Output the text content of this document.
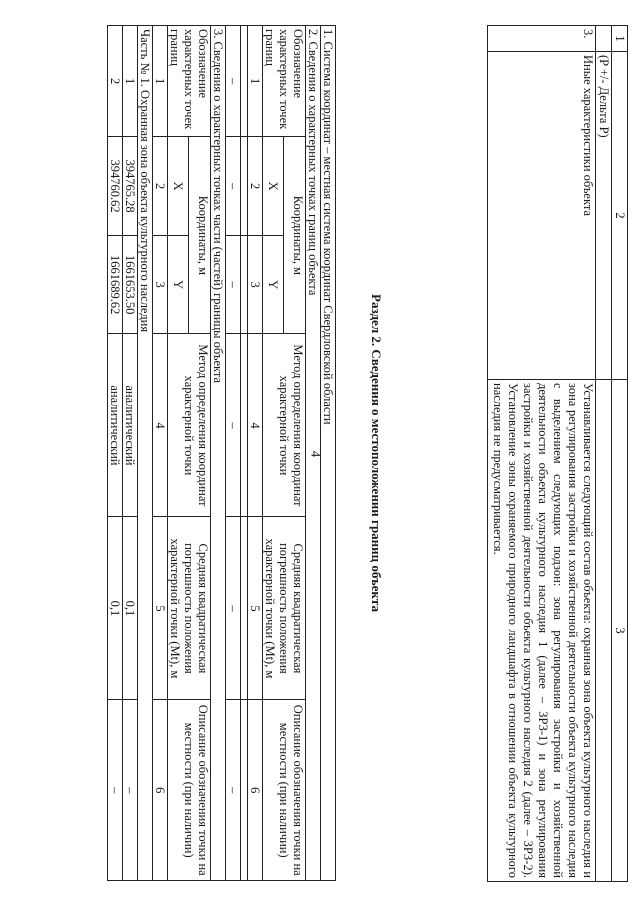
4
1	2	3
	(P +/- Дельта P)	
3.	Иные характеристики объекта	Устанавливается следующий состав объекта: охранная зона объекта культурного наследия и зона регулирования застройки и хозяйственной деятельности объекта культурного наследия с выделением следующих подзон: зона регулирования застройки и хозяйственной деятельности объекта культурного наследия 1 (далее – ЗРЗ-1) и зона регулирования застройки и хозяйственной деятельности объекта культурного наследия 2 (далее – ЗРЗ-2). Установление зоны охраняемого природного ландшафта в отношении объекта культурного наследия не предусматривается.
Раздел 2. Сведения о местоположении границ объекта
1. Система координат – местная система координат Свердловской области					
2. Сведения о характерных точках границ объекта					
Обозначение характерных точек границ	Координаты, м		Метод определения координат характерной точки	Средняя квадратическая погрешность положения характерной точки (Mt), м	Описание обозначения точки на местности (при наличии)
	X	Y			
1	2	3	4	5	6

–	–	–	–	–	–
3. Сведения о характерных точках части (частей) границы объекта					
Обозначение характерных точек границ	Координаты, м		Метод определения координат характерной точки	Средняя квадратическая погрешность положения характерной точки (Mt), м	Описание обозначения точки на местности (при наличии)
	X	Y			
1	2	3	4	5	6
Часть № 1. Охранная зона объекта культурного наследия					
1	394765.28	1661653.50	аналитический	0,1	–
2	394760.62	1661689.62	аналитический	0,1	–
